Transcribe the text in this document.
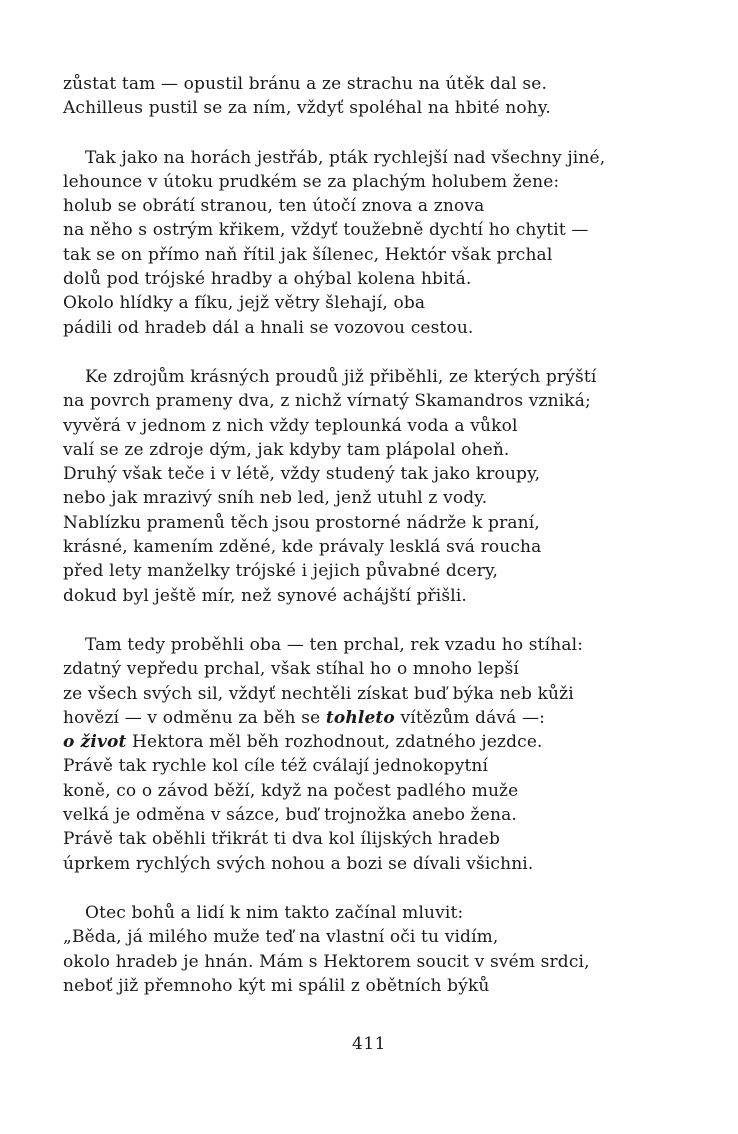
zůstat tam — opustil bránu a ze strachu na útěk dal se.
Achilleus pustil se za ním, vždyť spoléhal na hbité nohy.
Tak jako na horách jestřáb, pták rychlejší nad všechny jiné,
lehounce v útoku prudkém se za plachým holubem žene:
holub se obrátí stranou, ten útočí znova a znova
na něho s ostrým křikem, vždyť toužebně dychtí ho chytit —
tak se on přímo naň řítil jak šílenec, Hektór však prchal
dolů pod trójské hradby a ohýbal kolena hbitá.
Okolo hlídky a fíku, jejž větry šlehají, oba
pádili od hradeb dál a hnali se vozovou cestou.
Ke zdrojům krásných proudů již přiběhli, ze kterých prýští
na povrch prameny dva, z nichž vírnatý Skamandros vzniká;
vyvěrá v jednom z nich vždy teplounká voda a vůkol
valí se ze zdroje dým, jak kdyby tam plápolal oheň.
Druhý však teče i v létě, vždy studený tak jako kroupy,
nebo jak mrazivý sníh neb led, jenž utuhl z vody.
Nablízku pramenů těch jsou prostorné nádrže k praní,
krásné, kamením zděné, kde právaly lesklá svá roucha
před lety manželky trójské i jejich půvabné dcery,
dokud byl ještě mír, než synové achájští přišli.
Tam tedy proběhli oba — ten prchal, rek vzadu ho stíhal:
zdatný vepředu prchal, však stíhal ho o mnoho lepší
ze všech svých sil, vždyť nechtěli získat buď býka neb kůži
hovězí — v odměnu za běh se tohleto vítězům dává —:
o život Hektora měl běh rozhodnout, zdatného jezdce.
Právě tak rychle kol cíle též cválají jednokopytní
koně, co o závod běží, když na počest padlého muže
velká je odměna v sázce, buď trojnožka anebo žena.
Právě tak oběhli třikrát ti dva kol ílijských hradeb
úprkem rychlých svých nohou a bozi se dívali všichni.
Otec bohů a lidí k nim takto začínal mluvit:
„Běda, já milého muže teď na vlastní oči tu vidím,
okolo hradeb je hnán. Mám s Hektorem soucit v svém srdci,
neboť již přemnoho kýt mi spálil z obětních býků
411
